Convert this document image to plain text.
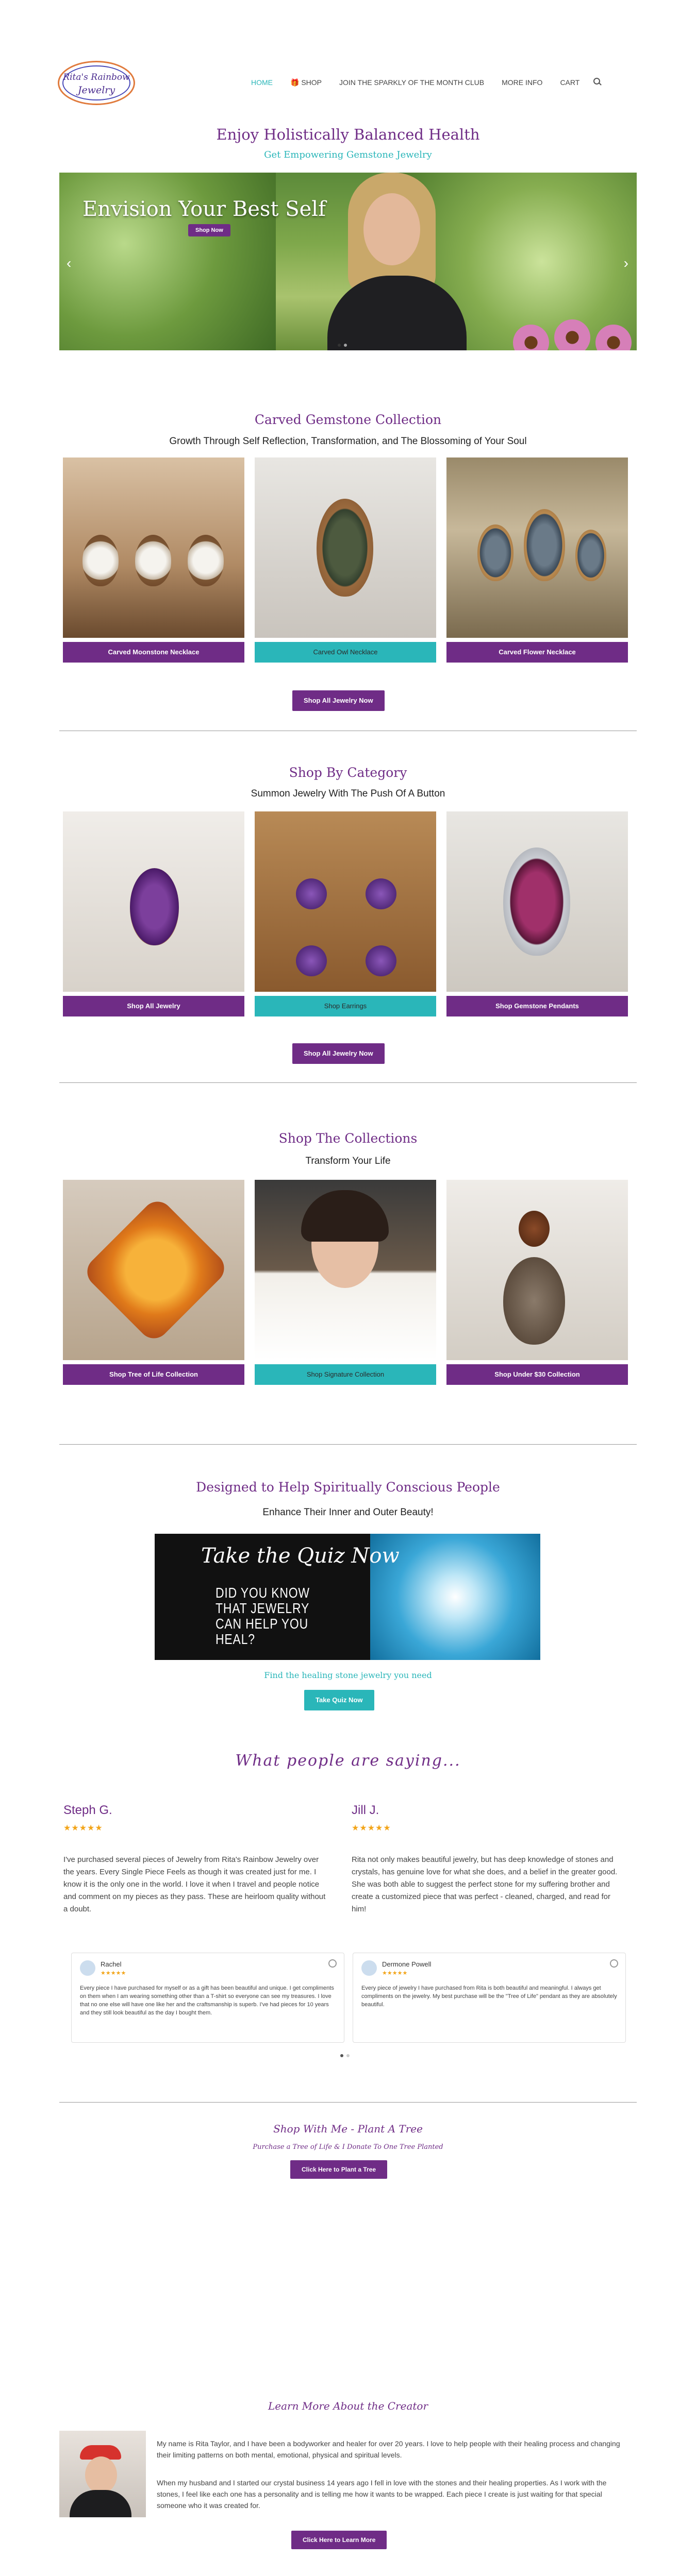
Rita's Rainbow
Jewelry
HOME	🎁 SHOP	JOIN THE SPARKLY OF THE MONTH CLUB	MORE INFO	CART
Enjoy Holistically Balanced Health
Get Empowering Gemstone Jewelry
Envision Your Best Self
Shop Now
‹	›
Carved Gemstone Collection
Growth Through Self Reflection, Transformation, and The Blossoming of Your Soul
Carved Moonstone Necklace	Carved Owl Necklace	Carved Flower Necklace
Shop All Jewelry Now
Shop By Category
Summon Jewelry With The Push Of A Button
Shop All Jewelry	Shop Earrings	Shop Gemstone Pendants
Shop All Jewelry Now
Shop The Collections
Transform Your Life
Shop Tree of Life Collection	Shop Signature Collection	Shop Under $30 Collection
Designed to Help Spiritually Conscious People
Enhance Their Inner and Outer Beauty!
Take the Quiz Now
DID YOU KNOW THAT JEWELRY CAN HELP YOU HEAL?
Find the healing stone jewelry you need
Take Quiz Now
What people are saying...
Steph G.
★★★★★
I've purchased several pieces of Jewelry from Rita's Rainbow Jewelry over the years. Every Single Piece Feels as though it was created just for me. I know it is the only one in the world. I love it when I travel and people notice and comment on my pieces as they pass. These are heirloom quality without a doubt.
Jill J.
★★★★★
Rita not only makes beautiful jewelry, but has deep knowledge of stones and crystals, has genuine love for what she does, and a belief in the greater good. She was both able to suggest the perfect stone for my suffering brother and create a customized piece that was perfect - cleaned, charged, and read for him!
Rachel
★★★★★
Every piece I have purchased for myself or as a gift has been beautiful and unique. I get compliments on them when I am wearing something other than a T-shirt so everyone can see my treasures. I love that no one else will have one like her and the craftsmanship is superb. I've had pieces for 10 years and they still look beautiful as the day I bought them.
Dermone Powell
★★★★★
Every piece of jewelry I have purchased from Rita is both beautiful and meaningful. I always get compliments on the jewelry. My best purchase will be the "Tree of Life" pendant as they are absolutely beautiful.
Shop With Me - Plant A Tree
Purchase a Tree of Life & I Donate To One Tree Planted
Click Here to Plant a Tree
Learn More About the Creator
My name is Rita Taylor, and I have been a bodyworker and healer for over 20 years. I love to help people with their healing process and changing their limiting patterns on both mental, emotional, physical and spiritual levels.
When my husband and I started our crystal business 14 years ago I fell in love with the stones and their healing properties. As I work with the stones, I feel like each one has a personality and is telling me how it wants to be wrapped. Each piece I create is just waiting for that special someone who it was created for.
Click Here to Learn More
